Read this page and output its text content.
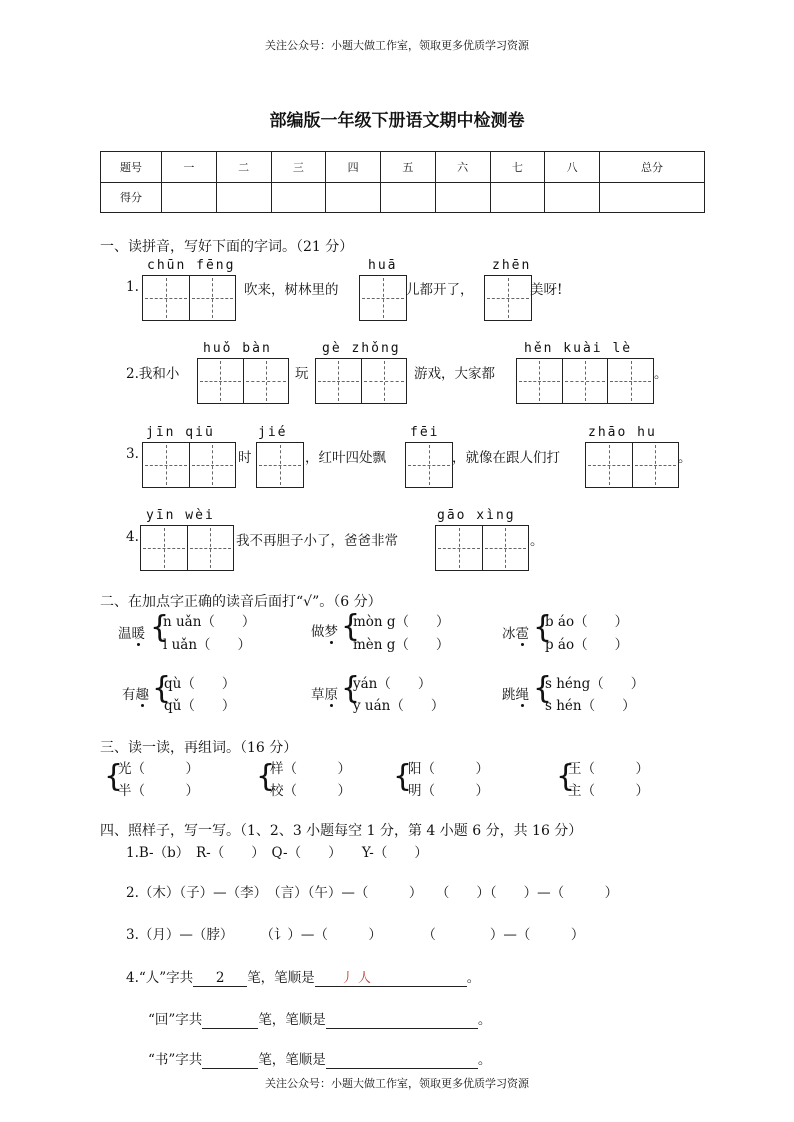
关注公众号：小题大做工作室，领取更多优质学习资源
部编版一年级下册语文期中检测卷
题号	一	二	三	四	五	六	七	八	总分
得分									
一、读拼音，写好下面的字词。（21 分）
chūn fēng
1.	吹来，树林里的
huā
儿都开了，
zhēn
美呀!
huǒ bàn
2.我和小	玩
gè zhǒng
游戏，大家都
hěn kuài lè
。
jīn qiū
3.	时
jié
，红叶四处飘
fēi
，就像在跟人们打
zhāo hu
。
yīn wèi
4.	我不再胆子小了，爸爸非常
gāo xìng
。
二、在加点字正确的读音后面打“√”。（6 分）
温暖 {
n uǎn（　　）
l uǎn（　　）
做梦 {
mòn g（　　）
mèn g（　　）
冰雹 {
b áo（　　）
p áo（　　）
有趣 {
qù（　　）
qǔ（　　）
草原 {
yán（　　）
y uán（　　）
跳绳 {
s héng（　　）
s hén（　　）
三、读一读，再组词。（16 分）
{
光（　　　）
半（　　　） {
样（　　　）
校（　　　） {
阳（　　　）
明（　　　） {
王（　　　）
主（　　　）
四、照样子，写一写。（1、2、3 小题每空 1 分，第 4 小题 6 分，共 16 分）
1.B-（b）　R-（　　）　Q-（　　）　　Y-（　　）
2.（木）（子）—（李）　（言）（午）—（　　　）　　（　　）（　　）—（　　　）
3.（月）—（脖）　　　（讠）—（　　　）　　　　（　　　　）—（　　　）
4.“人”字共 2 笔，笔顺是 丿 人	。
“回”字共	笔，笔顺是	。
“书”字共	笔，笔顺是	。
关注公众号：小题大做工作室，领取更多优质学习资源
